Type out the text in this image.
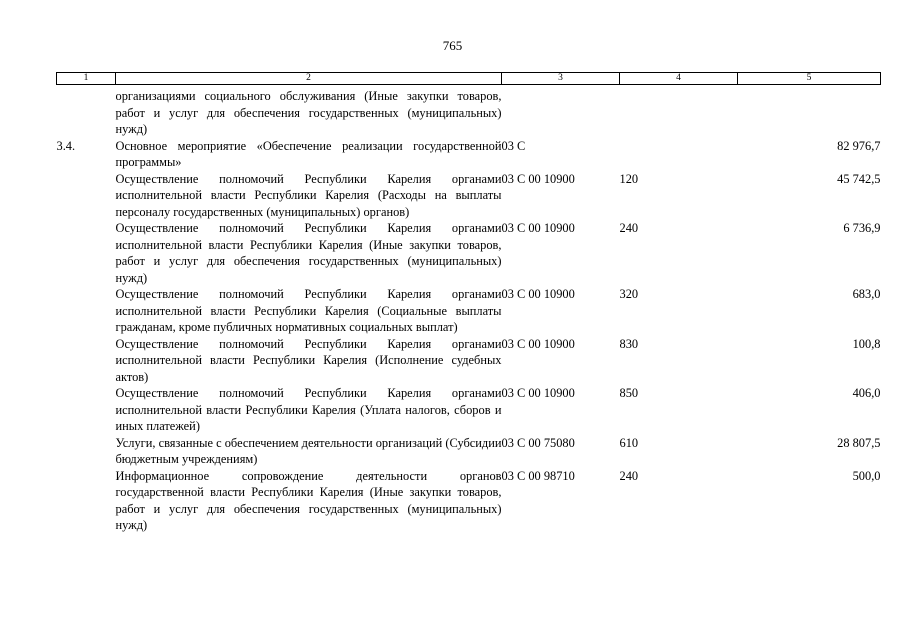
765
1	2	3	4	5
	организациями социального обслуживания (Иные закупки товаров, работ и услуг для обеспечения государственных (муниципальных) нужд)			
3.4.	Основное мероприятие «Обеспечение реализации государственной программы»	03 С		82 976,7
	Осуществление полномочий Республики Карелия органами исполнительной власти Республики Карелия (Расходы на выплаты персоналу государственных (муниципальных) органов)	03 С 00 10900	120	45 742,5
	Осуществление полномочий Республики Карелия органами исполнительной власти Республики Карелия (Иные закупки товаров, работ и услуг для обеспечения государственных (муниципальных) нужд)	03 С 00 10900	240	6 736,9
	Осуществление полномочий Республики Карелия органами исполнительной власти Республики Карелия (Социальные выплаты гражданам, кроме публичных нормативных социальных выплат)	03 С 00 10900	320	683,0
	Осуществление полномочий Республики Карелия органами исполнительной власти Республики Карелия (Исполнение судебных актов)	03 С 00 10900	830	100,8
	Осуществление полномочий Республики Карелия органами исполнительной власти Республики Карелия (Уплата налогов, сборов и иных платежей)	03 С 00 10900	850	406,0
	Услуги, связанные с обеспечением деятельности организаций (Субсидии бюджетным учреждениям)	03 С 00 75080	610	28 807,5
	Информационное сопровождение деятельности органов государственной власти Республики Карелия (Иные закупки товаров, работ и услуг для обеспечения государственных (муниципальных) нужд)	03 С 00 98710	240	500,0
